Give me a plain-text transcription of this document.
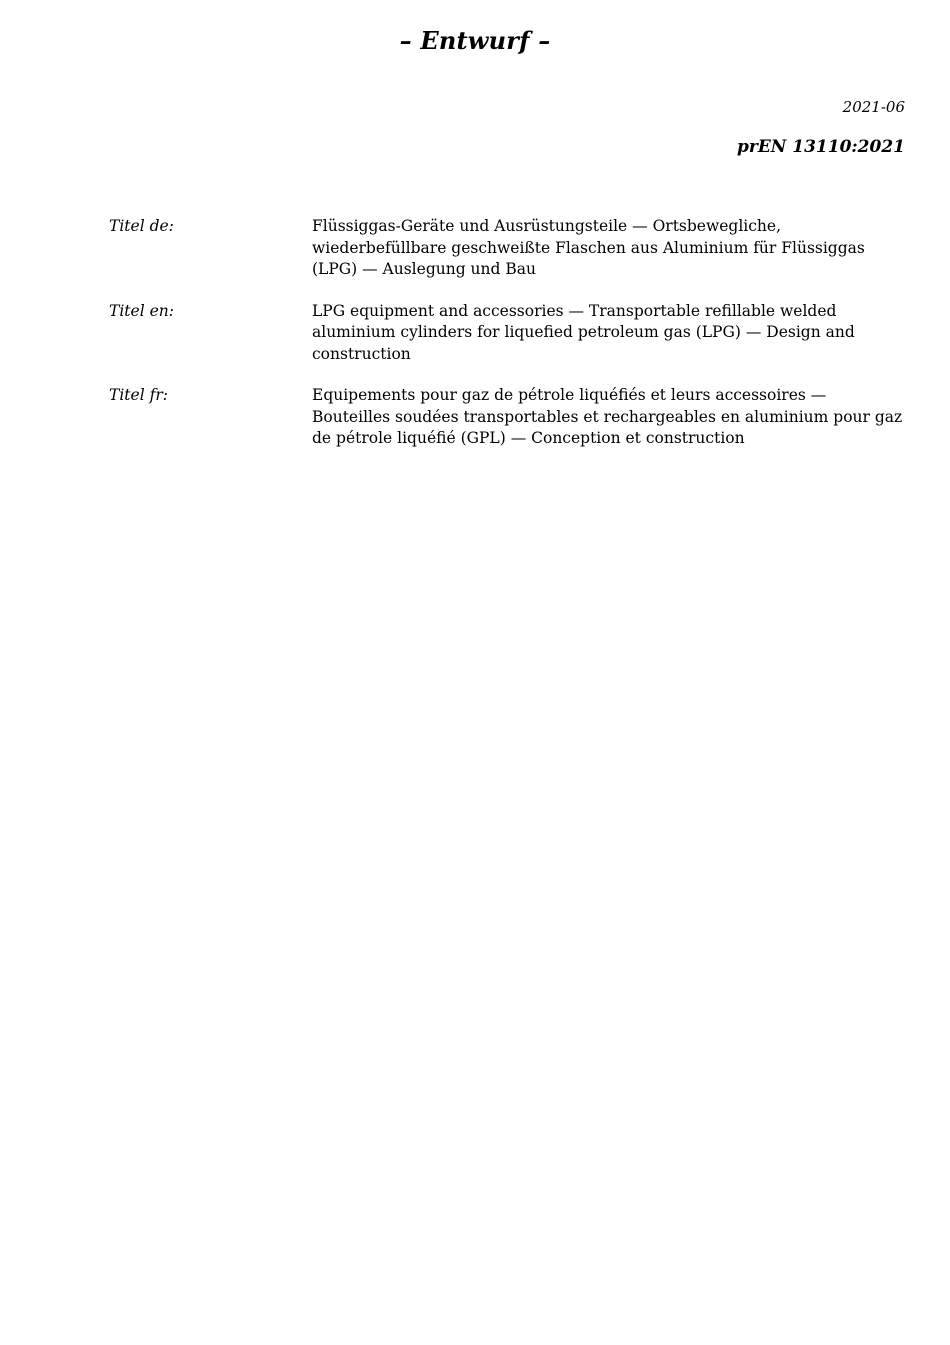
– Entwurf –
2021-06
prEN 13110:2021
Titel de:	Flüssiggas-Geräte und Ausrüstungsteile — Ortsbewegliche, wiederbefüllbare geschweißte Flaschen aus Aluminium für Flüssiggas (LPG) — Auslegung und Bau
Titel en:	LPG equipment and accessories — Transportable refillable welded aluminium cylinders for liquefied petroleum gas (LPG) — Design and construction
Titel fr:	Equipements pour gaz de pétrole liquéfiés et leurs accessoires — Bouteilles soudées transportables et rechargeables en aluminium pour gaz de pétrole liquéfié (GPL) — Conception et construction
